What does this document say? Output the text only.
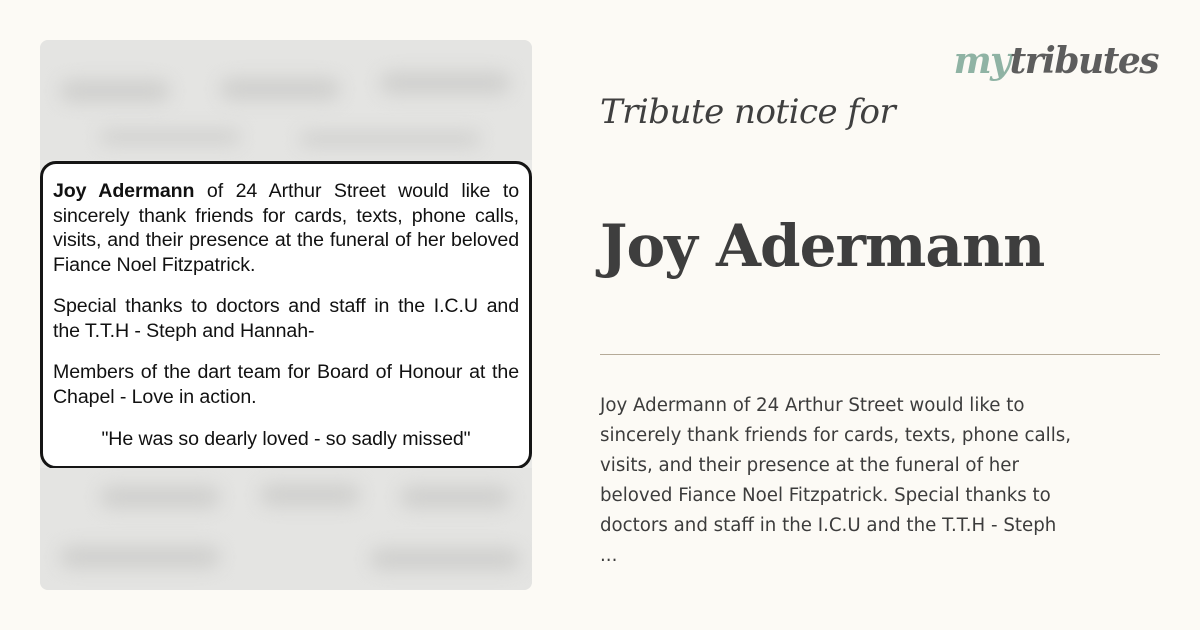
Joy Adermann of 24 Arthur Street would like to sincerely thank friends for cards, texts, phone calls, visits, and their presence at the funeral of her beloved Fiance Noel Fitzpatrick.

Special thanks to doctors and staff in the I.C.U and the T.T.H - Steph and Hannah-

Members of the dart team for Board of Honour at the Chapel - Love in action.

"He was so dearly loved - so sadly missed"

mytributes
Tribute notice for
Joy Adermann
Joy Adermann of 24 Arthur Street would like to
sincerely thank friends for cards, texts, phone calls,
visits, and their presence at the funeral of her
beloved Fiance Noel Fitzpatrick. Special thanks to
doctors and staff in the I.C.U and the T.T.H - Steph
...
